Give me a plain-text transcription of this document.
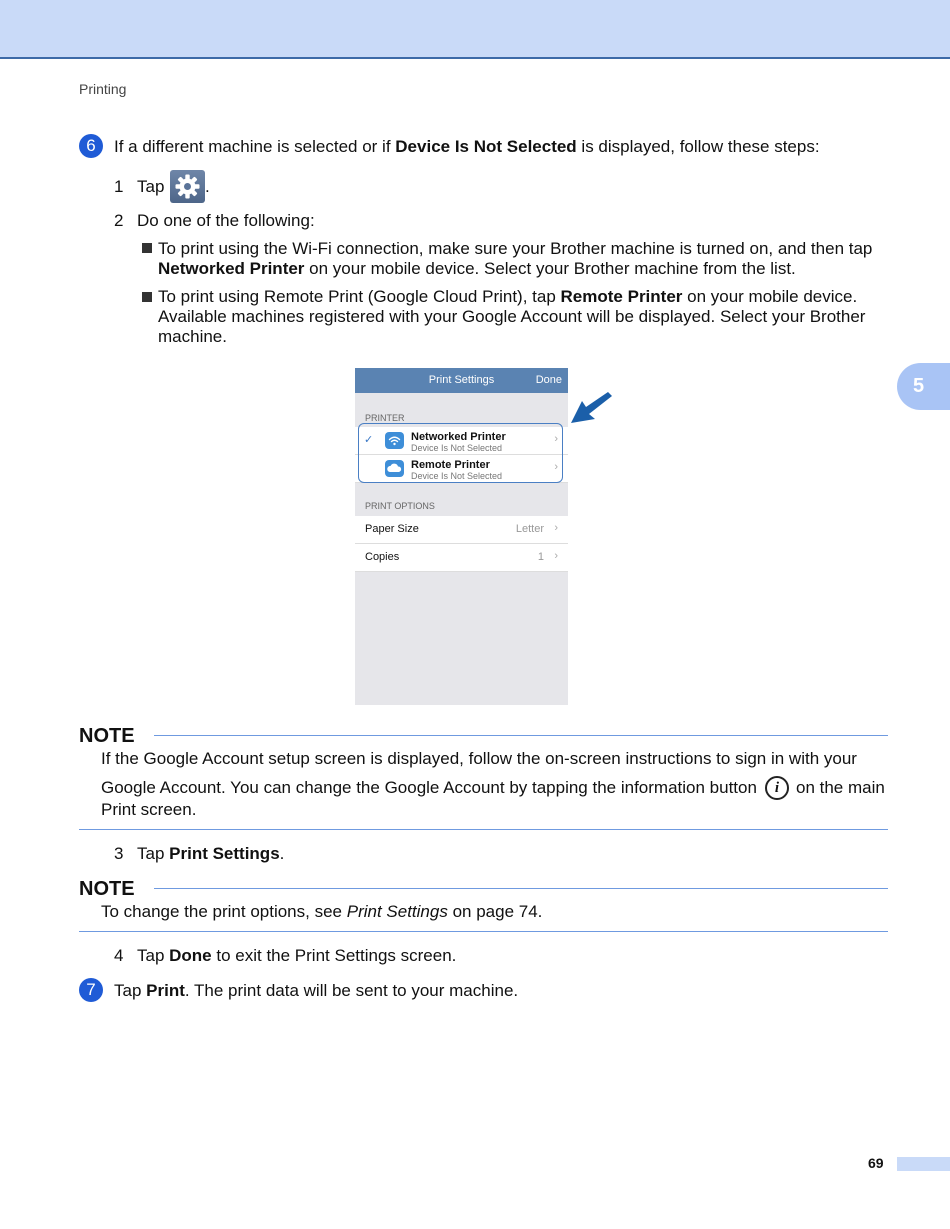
Printing
6	If a different machine is selected or if Device Is Not Selected is displayed, follow these steps:
1 Tap .
2 Do one of the following:
To print using the Wi-Fi connection, make sure your Brother machine is turned on, and then tap Networked Printer on your mobile device. Select your Brother machine from the list.
To print using Remote Print (Google Cloud Print), tap Remote Printer on your mobile device. Available machines registered with your Google Account will be displayed. Select your Brother machine.
Print Settings	Done
PRINTER
✓	Networked Printer
Device Is Not Selected
›
Remote Printer
Device Is Not Selected
›
PRINT OPTIONS
Paper Size	Letter ›
Copies	1 ›
5
NOTE
If the Google Account setup screen is displayed, follow the on-screen instructions to sign in with your
Google Account. You can change the Google Account by tapping the information button	i on the main
Print screen.
3 Tap Print Settings.
NOTE
To change the print options, see Print Settings on page 74.
4 Tap Done to exit the Print Settings screen.
7	Tap Print. The print data will be sent to your machine.
69
